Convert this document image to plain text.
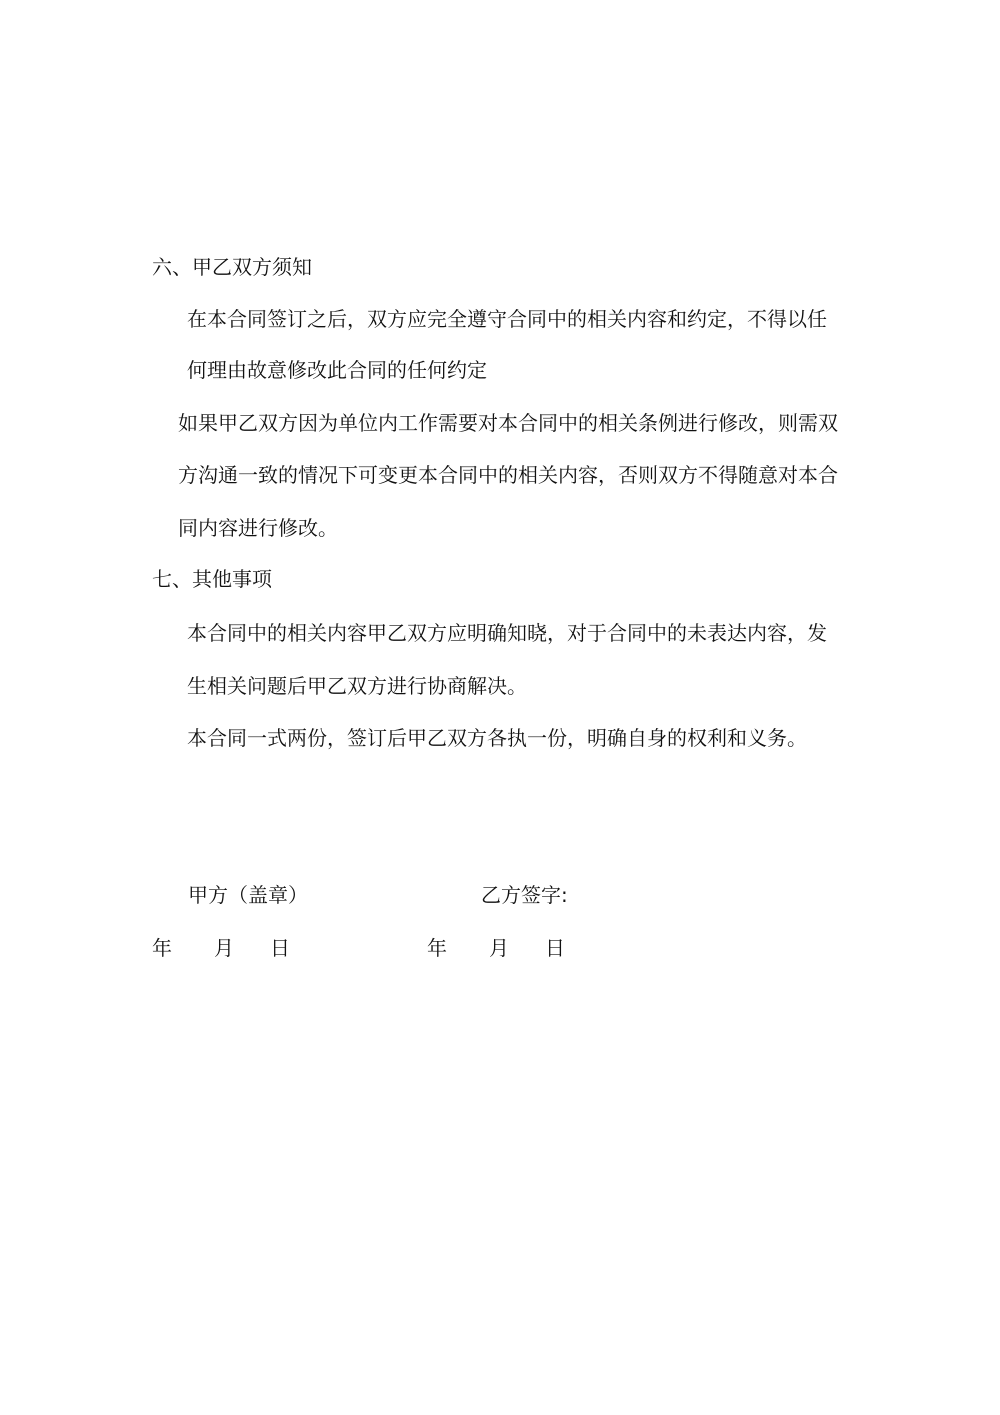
六、甲乙双方须知
在本合同签订之后，双方应完全遵守合同中的相关内容和约定，不得以任
何理由故意修改此合同的任何约定
如果甲乙双方因为单位内工作需要对本合同中的相关条例进行修改，则需双
方沟通一致的情况下可变更本合同中的相关内容，否则双方不得随意对本合
同内容进行修改。
七、其他事项
本合同中的相关内容甲乙双方应明确知晓，对于合同中的未表达内容，发
生相关问题后甲乙双方进行协商解决。
本合同一式两份，签订后甲乙双方各执一份，明确自身的权利和义务。
甲方（盖章）	乙方签字:
年 月 日	年 月 日
